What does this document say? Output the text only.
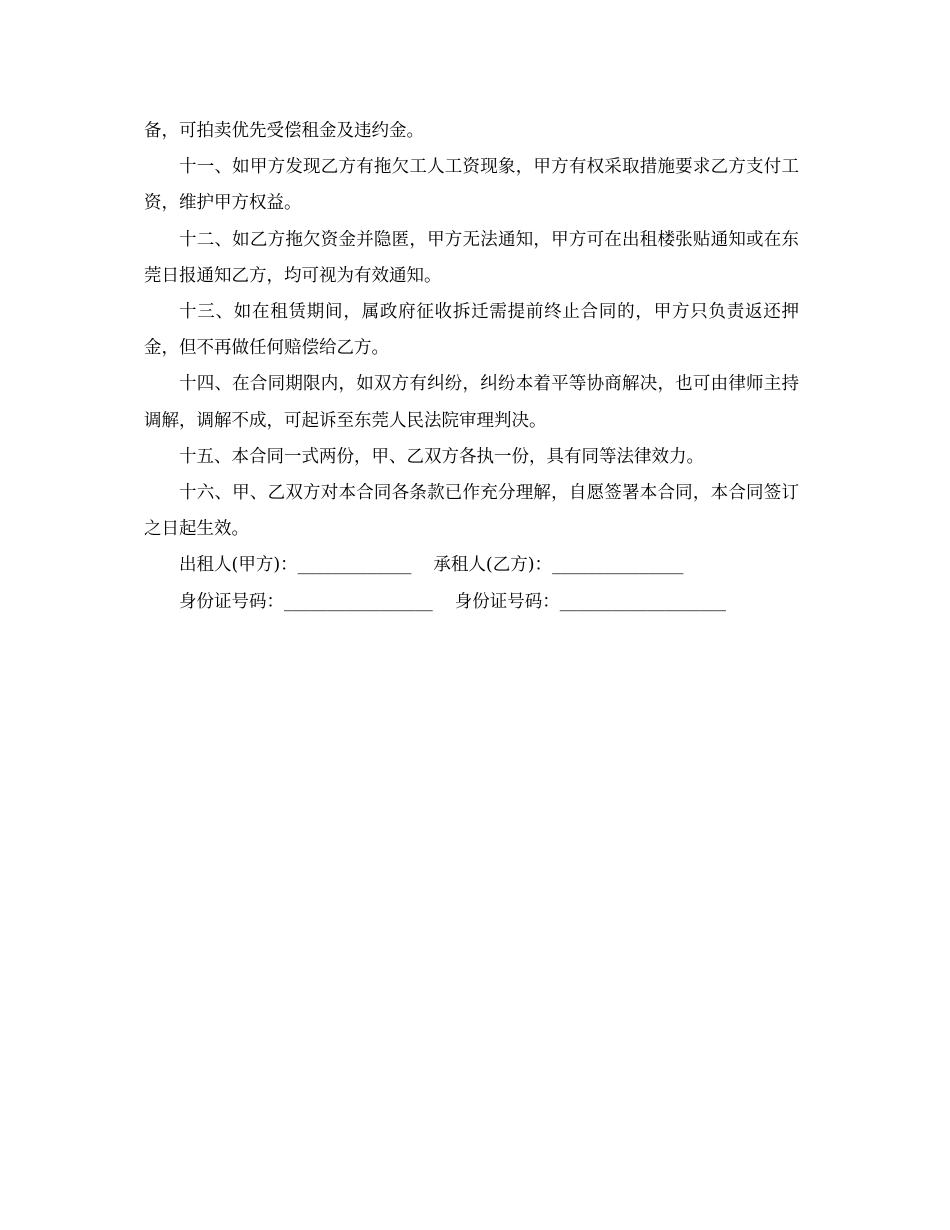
备，可拍卖优先受偿租金及违约金。

十一、如甲方发现乙方有拖欠工人工资现象，甲方有权采取措施要求乙方支付工资，维护甲方权益。

十二、如乙方拖欠资金并隐匿，甲方无法通知，甲方可在出租楼张贴通知或在东莞日报通知乙方，均可视为有效通知。

十三、如在租赁期间，属政府征收拆迁需提前终止合同的，甲方只负责返还押金，但不再做任何赔偿给乙方。

十四、在合同期限内，如双方有纠纷，纠纷本着平等协商解决，也可由律师主持调解，调解不成，可起诉至东莞人民法院审理判决。

十五、本合同一式两份，甲、乙双方各执一份，具有同等法律效力。

十六、甲、乙双方对本合同各条款已作充分理解，自愿签署本合同，本合同签订之日起生效。

出租人(甲方)：_____________ 承租人(乙方)：_______________

身份证号码：_________________ 身份证号码：___________________
